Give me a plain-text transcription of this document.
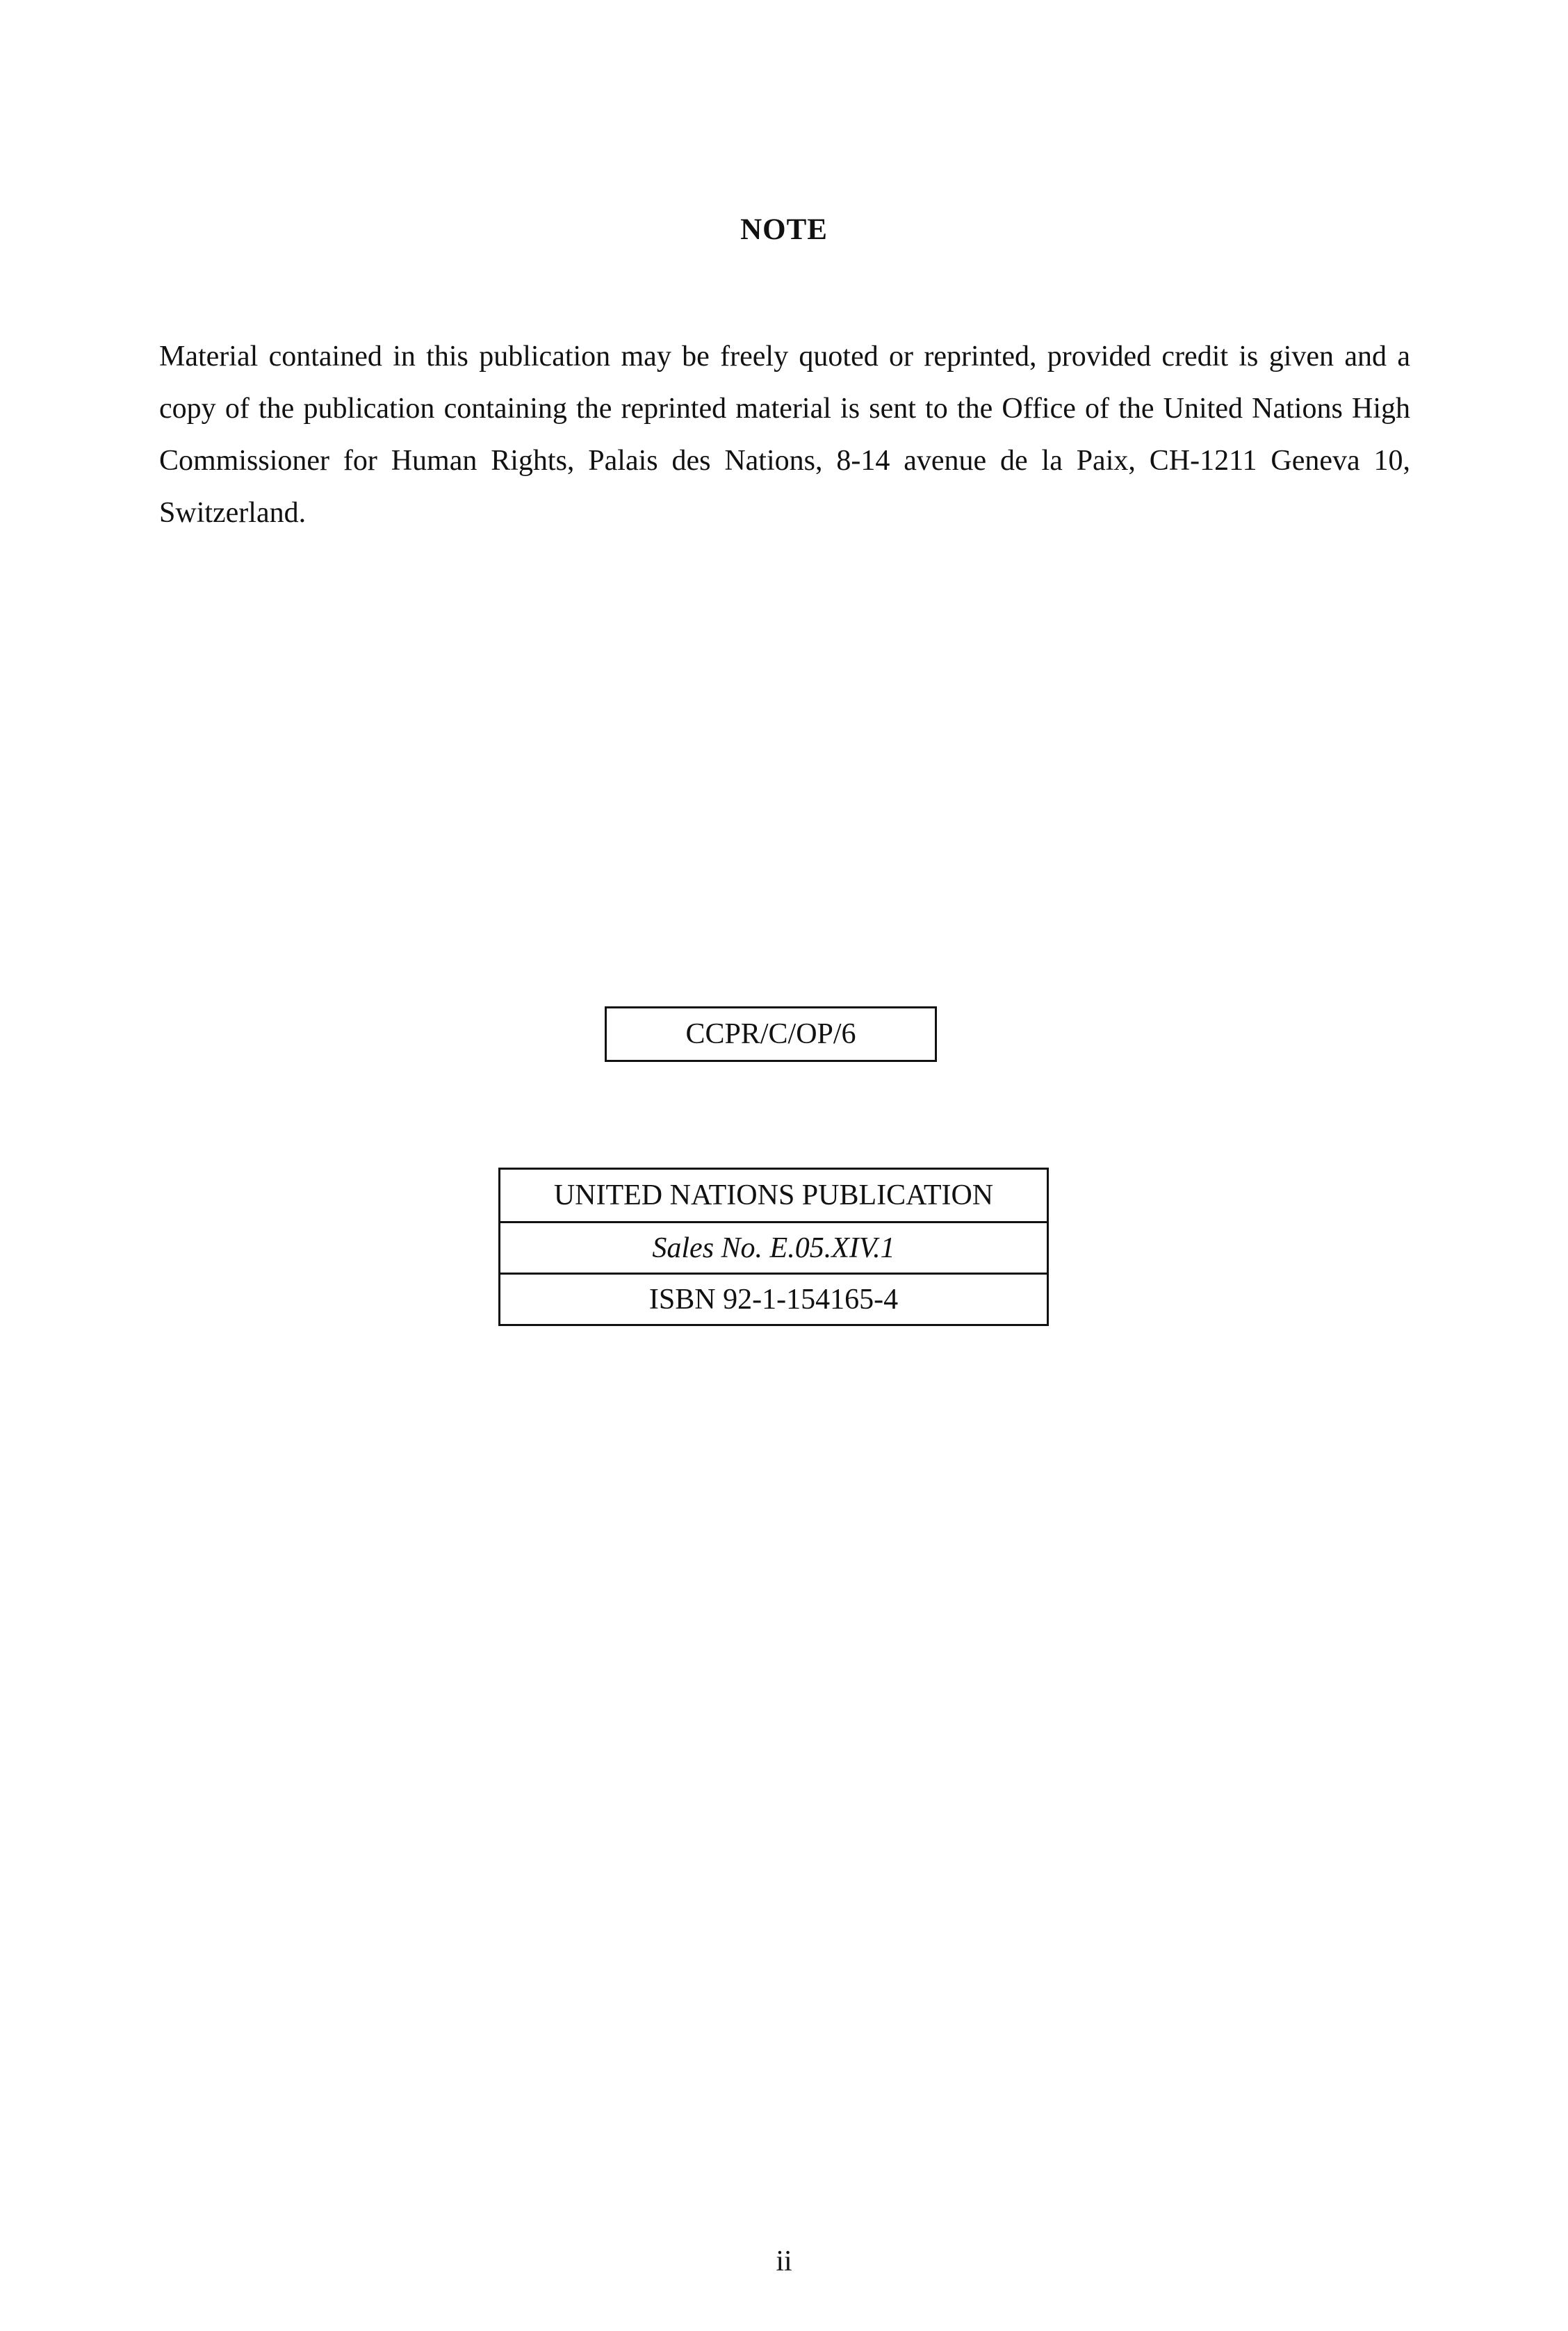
NOTE
Material contained in this publication may be freely quoted or reprinted, provided credit is given and a copy of the publication containing the reprinted material is sent to the Office of the United Nations High Commissioner for Human Rights, Palais des Nations, 8-14 avenue de la Paix, CH-1211 Geneva 10, Switzerland.
CCPR/C/OP/6
UNITED NATIONS PUBLICATION
Sales No. E.05.XIV.1
ISBN 92-1-154165-4
ii
